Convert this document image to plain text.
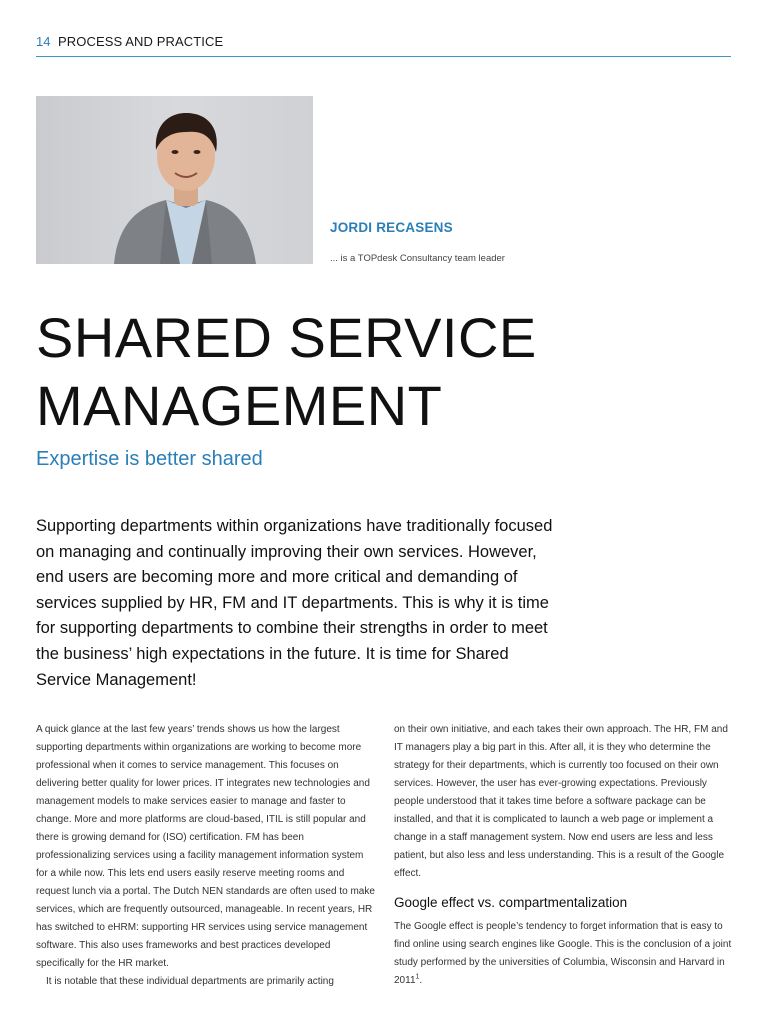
14 PROCESS AND PRACTICE
JORDI RECASENS
... is a TOPdesk Consultancy team leader
SHARED SERVICE
MANAGEMENT
Expertise is better shared

Supporting departments within organizations have traditionally focused on managing and continually improving their own services. However, end users are becoming more and more critical and demanding of services supplied by HR, FM and IT departments. This is why it is time for supporting departments to combine their strengths in order to meet the business’ high expectations in the future. It is time for Shared Service Management!

A quick glance at the last few years’ trends shows us how the largest supporting departments within organizations are working to become more professional when it comes to service management. This focuses on delivering better quality for lower prices. IT integrates new technologies and management models to make services easier to manage and faster to change. More and more platforms are cloud-based, ITIL is still popular and there is growing demand for (ISO) certification. FM has been professionalizing services using a facility management information system for a while now. This lets end users easily reserve meeting rooms and request lunch via a portal. The Dutch NEN standards are often used to make services, which are frequently outsourced, manageable. In recent years, HR has switched to eHRM: supporting HR services using service management software. This also uses frameworks and best practices developed specifically for the HR market.

It is notable that these individual departments are primarily acting

on their own initiative, and each takes their own approach. The HR, FM and IT managers play a big part in this. After all, it is they who determine the strategy for their departments, which is currently too focused on their own services. However, the user has ever-growing expectations. Previously people understood that it takes time before a software package can be installed, and that it is complicated to launch a web page or implement a change in a staff management system. Now end users are less and less patient, but also less and less understanding. This is a result of the Google effect.

Google effect vs. compartmentalization

The Google effect is people’s tendency to forget information that is easy to find online using search engines like Google. This is the conclusion of a joint study performed by the universities of Columbia, Wisconsin and Harvard in 2011$^1$.
